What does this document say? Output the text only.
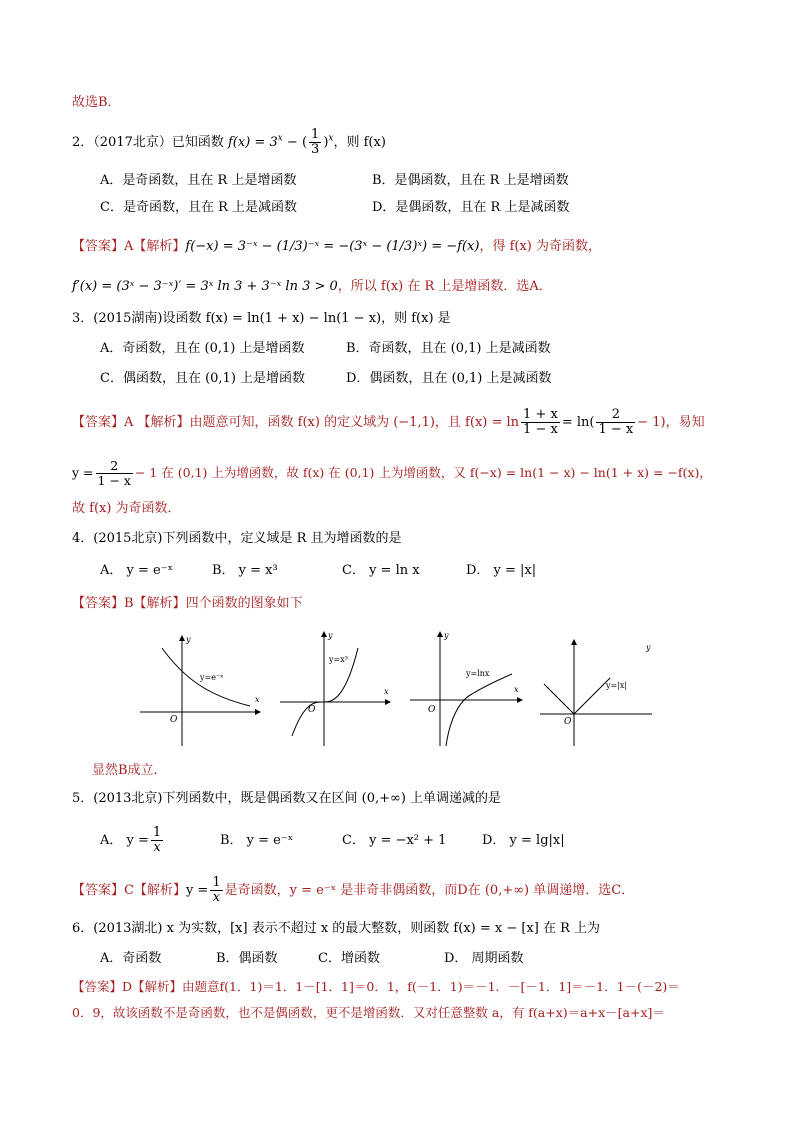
故选B．
2．（2017北京）已知函数 $f(x) = 3^x$ − ( $\frac{1}{3} )^x$，则 f(x)
A．是奇函数，且在 R 上是增函数	B．是偶函数，且在 R 上是增函数
C．是奇函数，且在 R 上是减函数	D．是偶函数，且在 R 上是减函数
【答案】A【解析】f(−x) = 3⁻ˣ − (1/3)⁻ˣ = −(3ˣ − (1/3)ˣ) = −f(x)，得 f(x) 为奇函数，
f′(x) = (3ˣ − 3⁻ˣ)′ = 3ˣ ln 3 + 3⁻ˣ ln 3 > 0，所以 f(x) 在 R 上是增函数．选A．
3．(2015湖南)设函数 f(x) = ln(1 + x) − ln(1 − x)，则 f(x) 是
A．奇函数，且在 (0,1) 上是增函数	B．奇函数，且在 (0,1) 上是减函数
C．偶函数，且在 (0,1) 上是增函数	D．偶函数，且在 (0,1) 上是减函数
【答案】A 【解析】由题意可知，函数 f(x) 的定义域为 (−1,1)，且 $f(x) = \ln \frac{1 + x}{1 - x} = \ln( \frac{2}{1 - x} - 1)$，易知
$y = \frac{2}{1 - x} - 1$ 在 (0,1) 上为增函数，故 f(x) 在 (0,1) 上为增函数，又 f(−x) = ln(1 − x) − ln(1 + x) = −f(x)，
故 f(x) 为奇函数．
4．(2015北京)下列函数中，定义域是 R 且为增函数的是
A． y = e⁻ˣ	B． y = x³	C． y = ln x	D． y = |x|
【答案】B【解析】四个函数的图象如下
x
y
O
y=e⁻ˣ
x
y
O
y=x³
x
y
O
y=lnx
y
O
y=|x|
显然B成立．
5．(2013北京)下列函数中，既是偶函数又在区间 (0,+∞) 上单调递减的是
A． $y = \frac{1}{x}$	B． y = e⁻ˣ	C． y = −x² + 1	D． y = lg|x|
【答案】C【解析】$y = \frac{1}{x}$ 是奇函数，y = e⁻ˣ 是非奇非偶函数，而D在 (0,+∞) 单调递增．选C．
6．(2013湖北) x 为实数，[x] 表示不超过 x 的最大整数，则函数 f(x) = x − [x] 在 R 上为
A．奇函数	B．偶函数	C．增函数	D． 周期函数
【答案】D【解析】由题意f(1．1)＝1．1－[1．1]＝0．1，f(－1．1)＝－1．－[－1．1]＝－1．1－(－2)＝
0．9，故该函数不是奇函数，也不是偶函数，更不是增函数．又对任意整数 a，有 f(a+x)＝a+x－[a+x]＝
